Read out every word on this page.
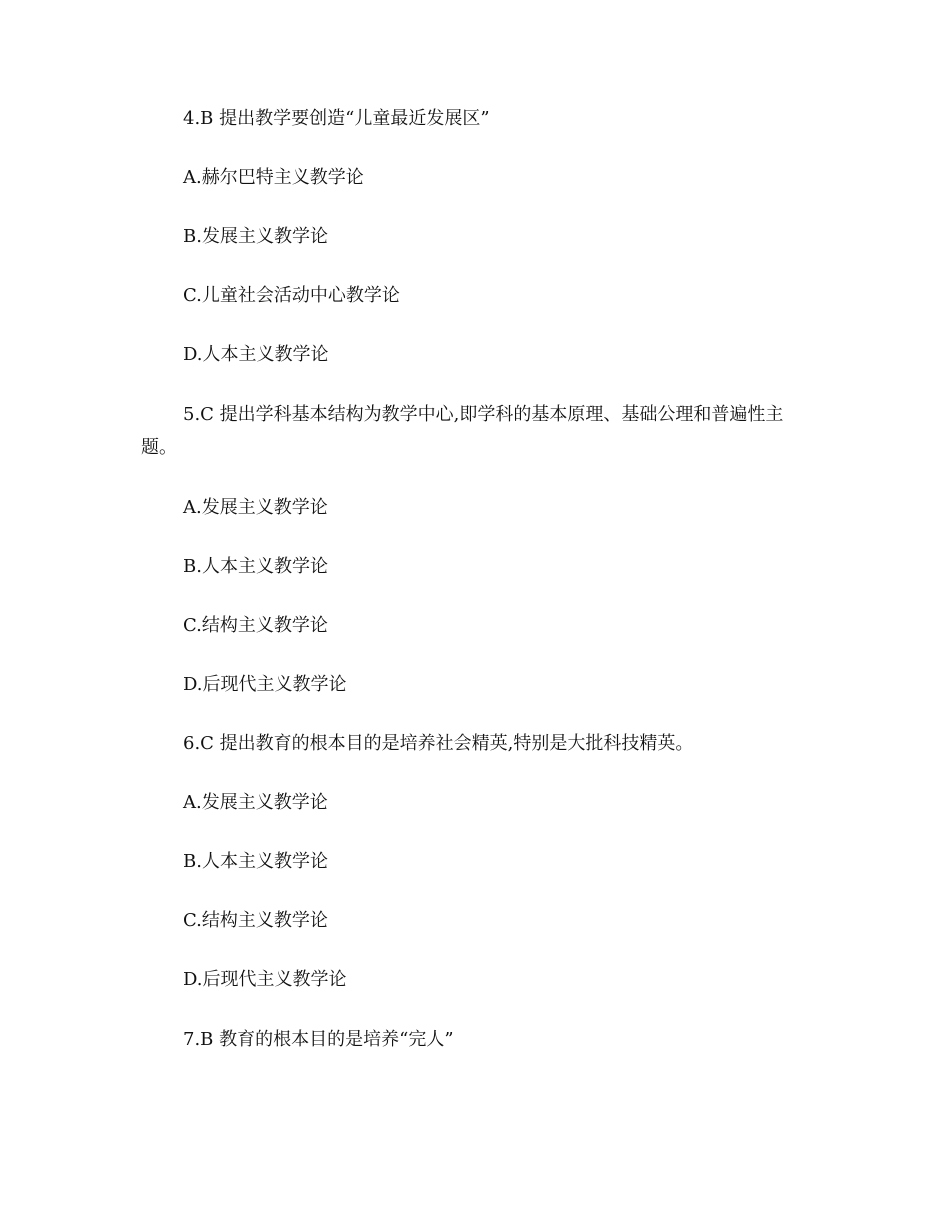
4.B 提出教学要创造“儿童最近发展区”
A.赫尔巴特主义教学论
B.发展主义教学论
C.儿童社会活动中心教学论
D.人本主义教学论
5.C 提出学科基本结构为教学中心,即学科的基本原理、基础公理和普遍性主
题。
A.发展主义教学论
B.人本主义教学论
C.结构主义教学论
D.后现代主义教学论
6.C 提出教育的根本目的是培养社会精英,特别是大批科技精英。
A.发展主义教学论
B.人本主义教学论
C.结构主义教学论
D.后现代主义教学论
7.B 教育的根本目的是培养“完人”
